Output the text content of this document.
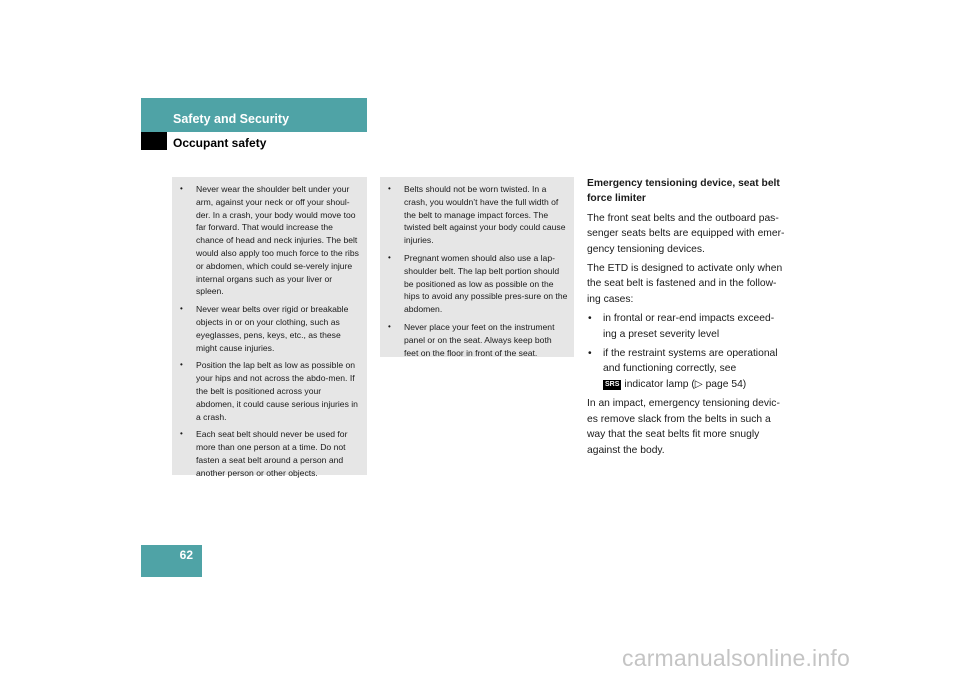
Safety and Security
Occupant safety
• Never wear the shoulder belt under your arm, against your neck or off your shoul-der. In a crash, your body would move too far forward. That would increase the chance of head and neck injuries. The belt would also apply too much force to the ribs or abdomen, which could se-verely injure internal organs such as your liver or spleen.
• Never wear belts over rigid or breakable objects in or on your clothing, such as eyeglasses, pens, keys, etc., as these might cause injuries.
• Position the lap belt as low as possible on your hips and not across the abdo-men. If the belt is positioned across your abdomen, it could cause serious injuries in a crash.
• Each seat belt should never be used for more than one person at a time. Do not fasten a seat belt around a person and another person or other objects.
• Belts should not be worn twisted. In a crash, you wouldn’t have the full width of the belt to manage impact forces. The twisted belt against your body could cause injuries.
• Pregnant women should also use a lap-shoulder belt. The lap belt portion should be positioned as low as possible on the hips to avoid any possible pres-sure on the abdomen.
• Never place your feet on the instrument panel or on the seat. Always keep both feet on the floor in front of the seat.
Emergency tensioning device, seat belt force limiter

The front seat belts and the outboard pas-senger seats belts are equipped with emer-gency tensioning devices.

The ETD is designed to activate only when the seat belt is fastened and in the follow-ing cases:

• in frontal or rear-end impacts exceed-ing a preset severity level
• if the restraint systems are operational and functioning correctly, see
SRS indicator lamp (▷ page 54)

In an impact, emergency tensioning devic-es remove slack from the belts in such a way that the seat belts fit more snugly against the body.

62
carmanualsonline.info
